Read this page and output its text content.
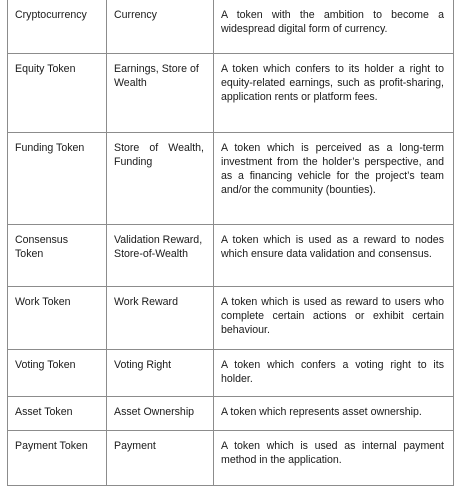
Cryptocurrency	Currency	A token with the ambition to become a widespread digital form of currency.
Equity Token	Earnings, Store of Wealth	A token which confers to its holder a right to equity-related earnings, such as profit-sharing, application rents or platform fees.
Funding Token	Store of Wealth, Funding	A token which is perceived as a long-term investment from the holder’s perspective, and as a financing vehicle for the project’s team and/or the community (bounties).
Consensus Token	Validation Reward, Store-of-Wealth	A token which is used as a reward to nodes which ensure data validation and consensus.
Work Token	Work Reward	A token which is used as reward to users who complete certain actions or exhibit certain behaviour.
Voting Token	Voting Right	A token which confers a voting right to its holder.
Asset Token	Asset Ownership	A token which represents asset ownership.
Payment Token	Payment	A token which is used as internal payment method in the application.
